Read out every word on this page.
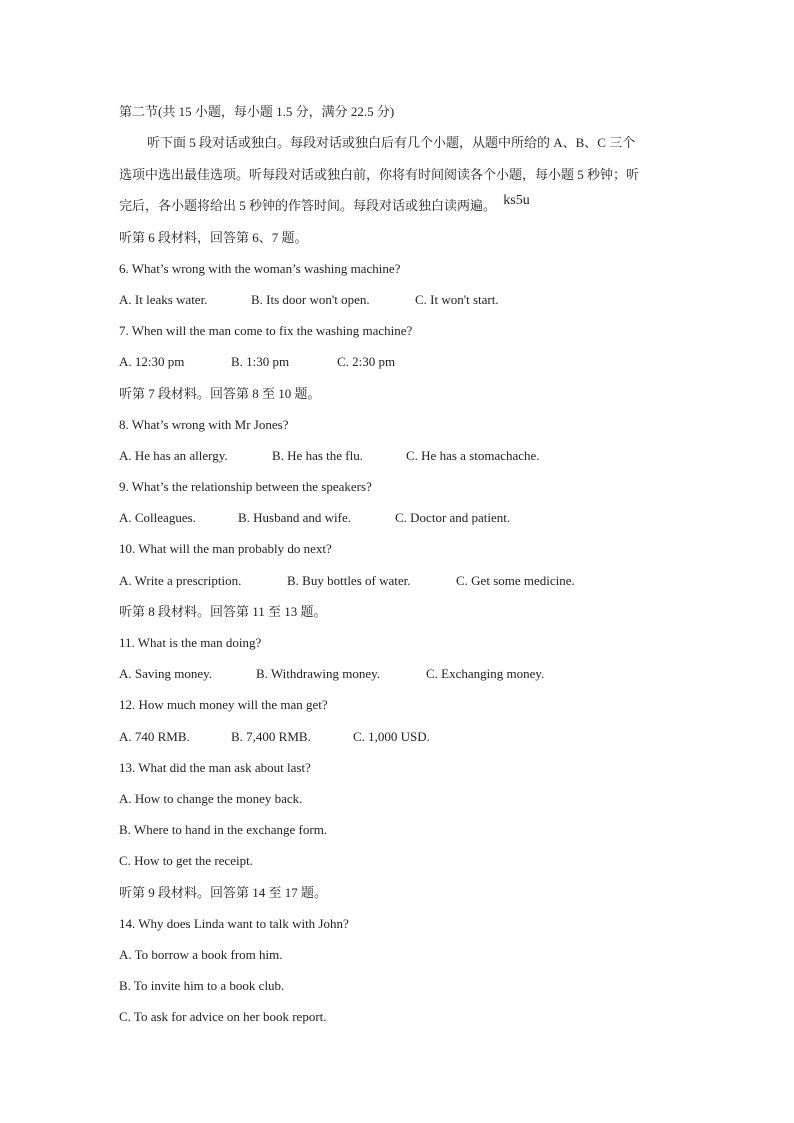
第二节(共 15 小题，每小题 1.5 分，满分 22.5 分)
听下面 5 段对话或独白。每段对话或独白后有几个小题，从题中所给的 A、B、C 三个
选项中选出最佳选项。听每段对话或独白前，你将有时间阅读各个小题，每小题 5 秒钟；听
完后，各小题将给出 5 秒钟的作答时间。每段对话或独白读两遍。 ks5u
听第 6 段材料，回答第 6、7 题。
6. What’s wrong with the woman’s washing machine?
A. It leaks water.	B. Its door won't open.	C. It won't start.
7. When will the man come to fix the washing machine?
A. 12:30 pm	B. 1:30 pm	C. 2:30 pm
听第 7 段材料。回答第 8 至 10 题。
8. What’s wrong with Mr Jones?
A. He has an allergy.	B. He has the flu.	C. He has a stomachache.
9. What’s the relationship between the speakers?
A. Colleagues.	B. Husband and wife.	C. Doctor and patient.
10. What will the man probably do next?
A. Write a prescription.	B. Buy bottles of water.	C. Get some medicine.
听第 8 段材料。回答第 11 至 13 题。
11. What is the man doing?
A. Saving money.	B. Withdrawing money.	C. Exchanging money.
12. How much money will the man get?
A. 740 RMB.	B. 7,400 RMB.	C. 1,000 USD.
13. What did the man ask about last?
A. How to change the money back.
B. Where to hand in the exchange form.
C. How to get the receipt.
听第 9 段材料。回答第 14 至 17 题。
14. Why does Linda want to talk with John?
A. To borrow a book from him.
B. To invite him to a book club.
C. To ask for advice on her book report.
